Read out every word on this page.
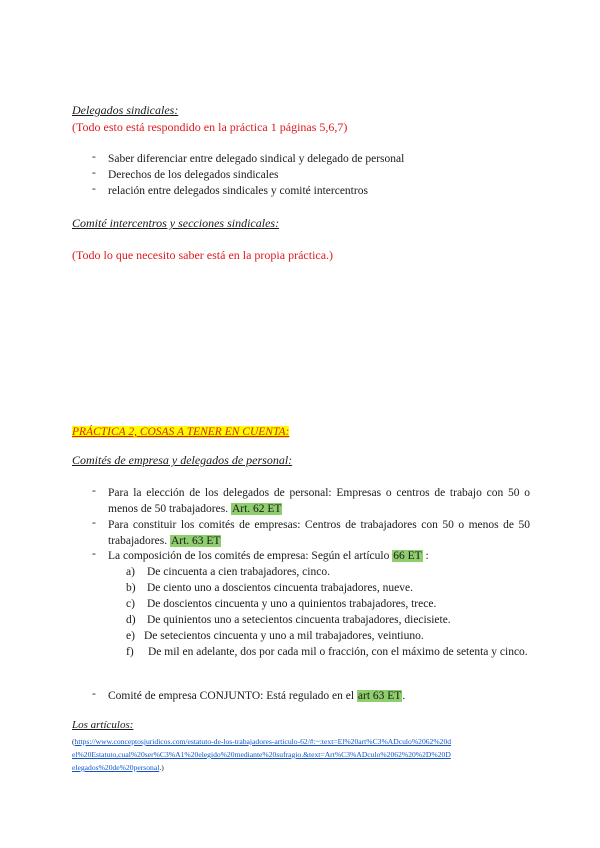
Delegados sindicales:
(Todo esto está respondido en la práctica 1 páginas 5,6,7)
- Saber diferenciar entre delegado sindical y delegado de personal
- Derechos de los delegados sindicales
- relación entre delegados sindicales y comité intercentros
Comité intercentros y secciones sindicales:
(Todo lo que necesito saber está en la propia práctica.)
PRÁCTICA 2, COSAS A TENER EN CUENTA:
Comités de empresa y delegados de personal:
- Para la elección de los delegados de personal: Empresas o centros de trabajo con 50 o menos de 50 trabajadores. Art. 62 ET
- Para constituir los comités de empresas: Centros de trabajadores con 50 o menos de 50 trabajadores. Art. 63 ET
- La composición de los comités de empresa: Según el artículo 66 ET :
a) De cincuenta a cien trabajadores, cinco.
b) De ciento uno a doscientos cincuenta trabajadores, nueve.
c) De doscientos cincuenta y uno a quinientos trabajadores, trece.
d) De quinientos uno a setecientos cincuenta trabajadores, diecisiete.
e) De setecientos cincuenta y uno a mil trabajadores, veintiuno.
f)	De mil en adelante, dos por cada mil o fracción, con el máximo de setenta y cinco.
- Comité de empresa CONJUNTO: Está regulado en el art 63 ET.
Los artículos:
(https://www.conceptosjuridicos.com/estatuto-de-los-trabajadores-articulo-62/#:~:text=El%20art%C3%ADculo%2062%20d
el%20Estatuto,cual%20ser%C3%A1%20elegido%20mediante%20sufragio.&text=Art%C3%ADculo%2062%20%2D%20D
elegados%20de%20personal.)
